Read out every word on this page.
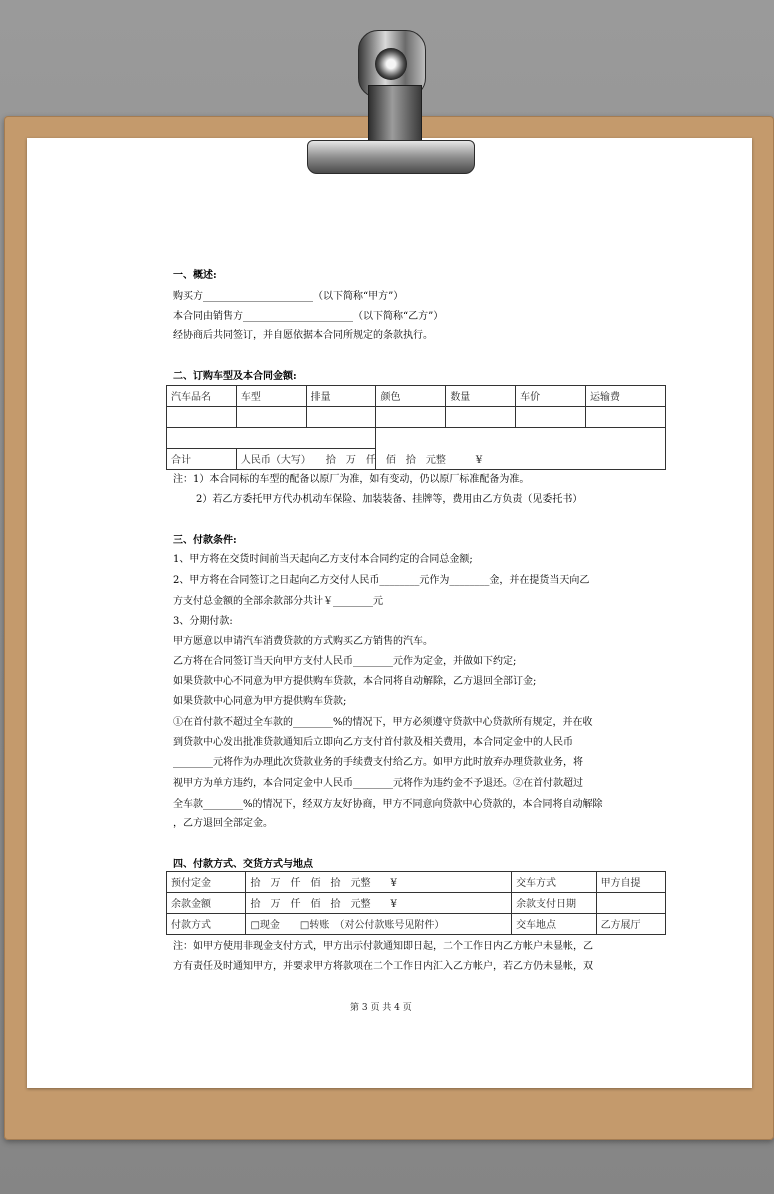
一、概述:
购买方______________________（以下简称“甲方”）
本合同由销售方______________________（以下简称“乙方”）
经协商后共同签订，并自愿依据本合同所规定的条款执行。
二、订购车型及本合同金额:
汽车品名	车型	排量	颜色	数量	车价	运输费

合计	人民币（大写）　　拾　万　仟　佰　拾　元整　　　¥					
注：1）本合同标的车型的配备以原厂为准，如有变动，仍以原厂标准配备为准。
2）若乙方委托甲方代办机动车保险、加装装备、挂牌等，费用由乙方负责（见委托书）
三、付款条件:
1、甲方将在交货时间前当天起向乙方支付本合同约定的合同总金额;
2、甲方将在合同签订之日起向乙方交付人民币________元作为________金，并在提货当天向乙
方支付总金额的全部余款部分共计￥________元
3、分期付款:
甲方愿意以申请汽车消费贷款的方式购买乙方销售的汽车。
乙方将在合同签订当天向甲方支付人民币________元作为定金，并做如下约定;
如果贷款中心不同意为甲方提供购车贷款，本合同将自动解除，乙方退回全部订金;
如果贷款中心同意为甲方提供购车贷款;
①在首付款不超过全车款的________%的情况下，甲方必须遵守贷款中心贷款所有规定，并在收
到贷款中心发出批准贷款通知后立即向乙方支付首付款及相关费用，本合同定金中的人民币
________元将作为办理此次贷款业务的手续费支付给乙方。如甲方此时放弃办理贷款业务，将
视甲方为单方违约，本合同定金中人民币________元将作为违约金不予退还。②在首付款超过
全车款________%的情况下，经双方友好协商，甲方不同意向贷款中心贷款的，本合同将自动解除
，乙方退回全部定金。
四、付款方式、交货方式与地点
预付定金	拾　万　仟　佰　拾　元整　　¥	交车方式	甲方自提
余款金额	拾　万　仟　佰　拾　元整　　¥	余款支付日期	
付款方式	□现金　　□转账　（对公付款账号见附件）	交车地点	乙方展厅
注：如甲方使用非现金支付方式，甲方出示付款通知即日起，二个工作日内乙方帐户未显帐，乙
方有责任及时通知甲方，并要求甲方将款项在二个工作日内汇入乙方帐户，若乙方仍未显帐，双
第 3 页 共 4 页
